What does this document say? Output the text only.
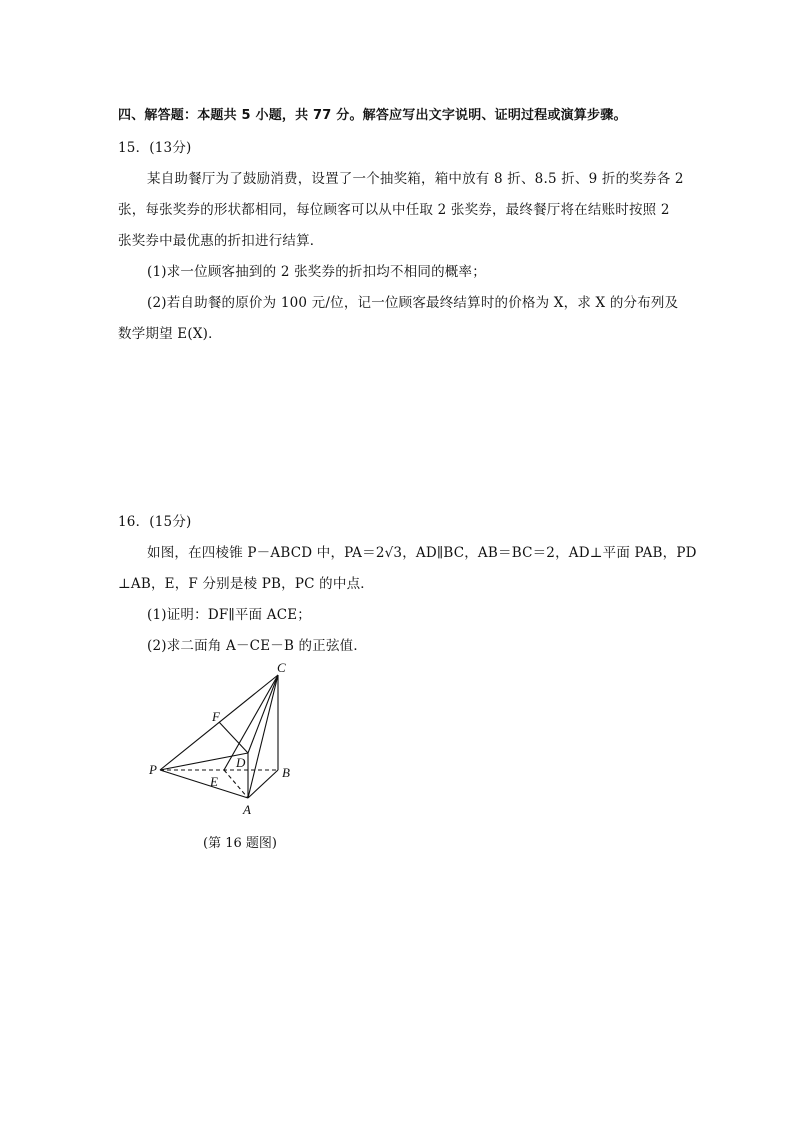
四、解答题：本题共 5 小题，共 77 分。解答应写出文字说明、证明过程或演算步骤。
15．(13分)
某自助餐厅为了鼓励消费，设置了一个抽奖箱，箱中放有 8 折、8.5 折、9 折的奖券各 2
张，每张奖券的形状都相同，每位顾客可以从中任取 2 张奖券，最终餐厅将在结账时按照 2
张奖券中最优惠的折扣进行结算．
(1)求一位顾客抽到的 2 张奖券的折扣均不相同的概率；
(2)若自助餐的原价为 100 元/位，记一位顾客最终结算时的价格为 X，求 X 的分布列及
数学期望 E(X)．
16．(15分)
如图，在四棱锥 P－ABCD 中，PA＝2√3，AD∥BC，AB＝BC＝2，AD⊥平面 PAB，PD
⊥AB，E，F 分别是棱 PB，PC 的中点．
(1)证明：DF∥平面 ACE；
(2)求二面角 A－CE－B 的正弦值．
C
F
P	D
E
B
A
(第 16 题图)
